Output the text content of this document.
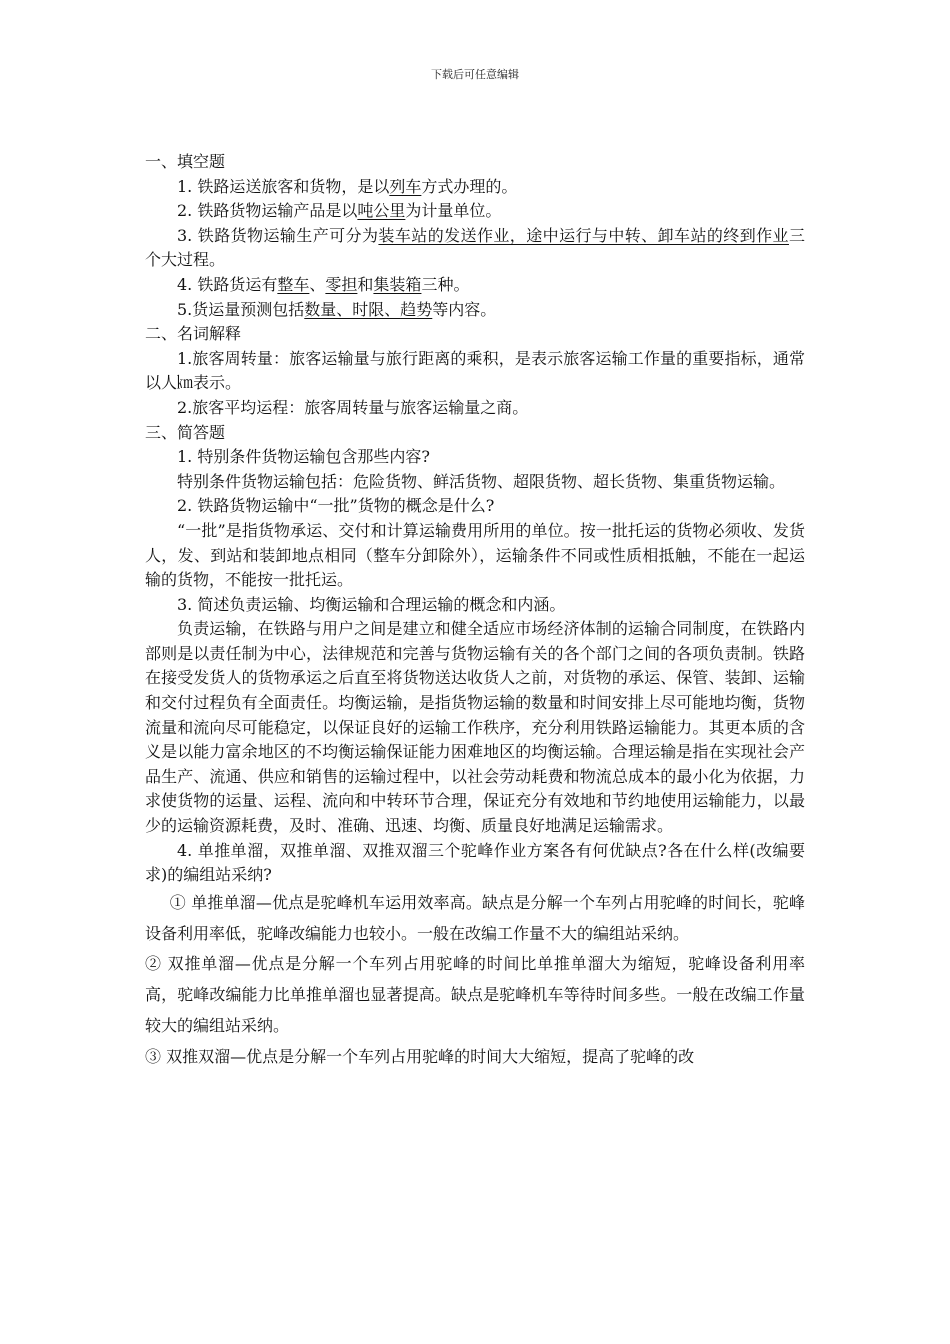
下载后可任意编辑

一、填空题

1. 铁路运送旅客和货物，是以列车方式办理的。

2. 铁路货物运输产品是以吨公里为计量单位。

3. 铁路货物运输生产可分为装车站的发送作业，途中运行与中转、卸车站的终到作业三个大过程。

4. 铁路货运有整车、零担和集装箱三种。

5.货运量预测包括数量、时限、趋势等内容。

二、名词解释

1.旅客周转量：旅客运输量与旅行距离的乘积，是表示旅客运输工作量的重要指标，通常以人㎞表示。

2.旅客平均运程：旅客周转量与旅客运输量之商。

三、简答题

1. 特别条件货物运输包含那些内容?

特别条件货物运输包括：危险货物、鲜活货物、超限货物、超长货物、集重货物运输。

2. 铁路货物运输中“一批”货物的概念是什么?

“一批”是指货物承运、交付和计算运输费用所用的单位。按一批托运的货物必须收、发货人，发、到站和装卸地点相同（整车分卸除外），运输条件不同或性质相抵触，不能在一起运输的货物，不能按一批托运。

3. 简述负责运输、均衡运输和合理运输的概念和内涵。

负责运输，在铁路与用户之间是建立和健全适应市场经济体制的运输合同制度，在铁路内部则是以责任制为中心，法律规范和完善与货物运输有关的各个部门之间的各项负责制。铁路在接受发货人的货物承运之后直至将货物送达收货人之前，对货物的承运、保管、装卸、运输和交付过程负有全面责任。均衡运输，是指货物运输的数量和时间安排上尽可能地均衡，货物流量和流向尽可能稳定，以保证良好的运输工作秩序，充分利用铁路运输能力。其更本质的含义是以能力富余地区的不均衡运输保证能力困难地区的均衡运输。合理运输是指在实现社会产品生产、流通、供应和销售的运输过程中，以社会劳动耗费和物流总成本的最小化为依据，力求使货物的运量、运程、流向和中转环节合理，保证充分有效地和节约地使用运输能力，以最少的运输资源耗费，及时、准确、迅速、均衡、质量良好地满足运输需求。

4. 单推单溜，双推单溜、双推双溜三个驼峰作业方案各有何优缺点?各在什么样(改编要求)的编组站采纳?

① 单推单溜—优点是驼峰机车运用效率高。缺点是分解一个车列占用驼峰的时间长，驼峰设备利用率低，驼峰改编能力也较小。一般在改编工作量不大的编组站采纳。

② 双推单溜—优点是分解一个车列占用驼峰的时间比单推单溜大为缩短，驼峰设备利用率高，驼峰改编能力比单推单溜也显著提高。缺点是驼峰机车等待时间多些。一般在改编工作量较大的编组站采纳。

③ 双推双溜—优点是分解一个车列占用驼峰的时间大大缩短，提高了驼峰的改
